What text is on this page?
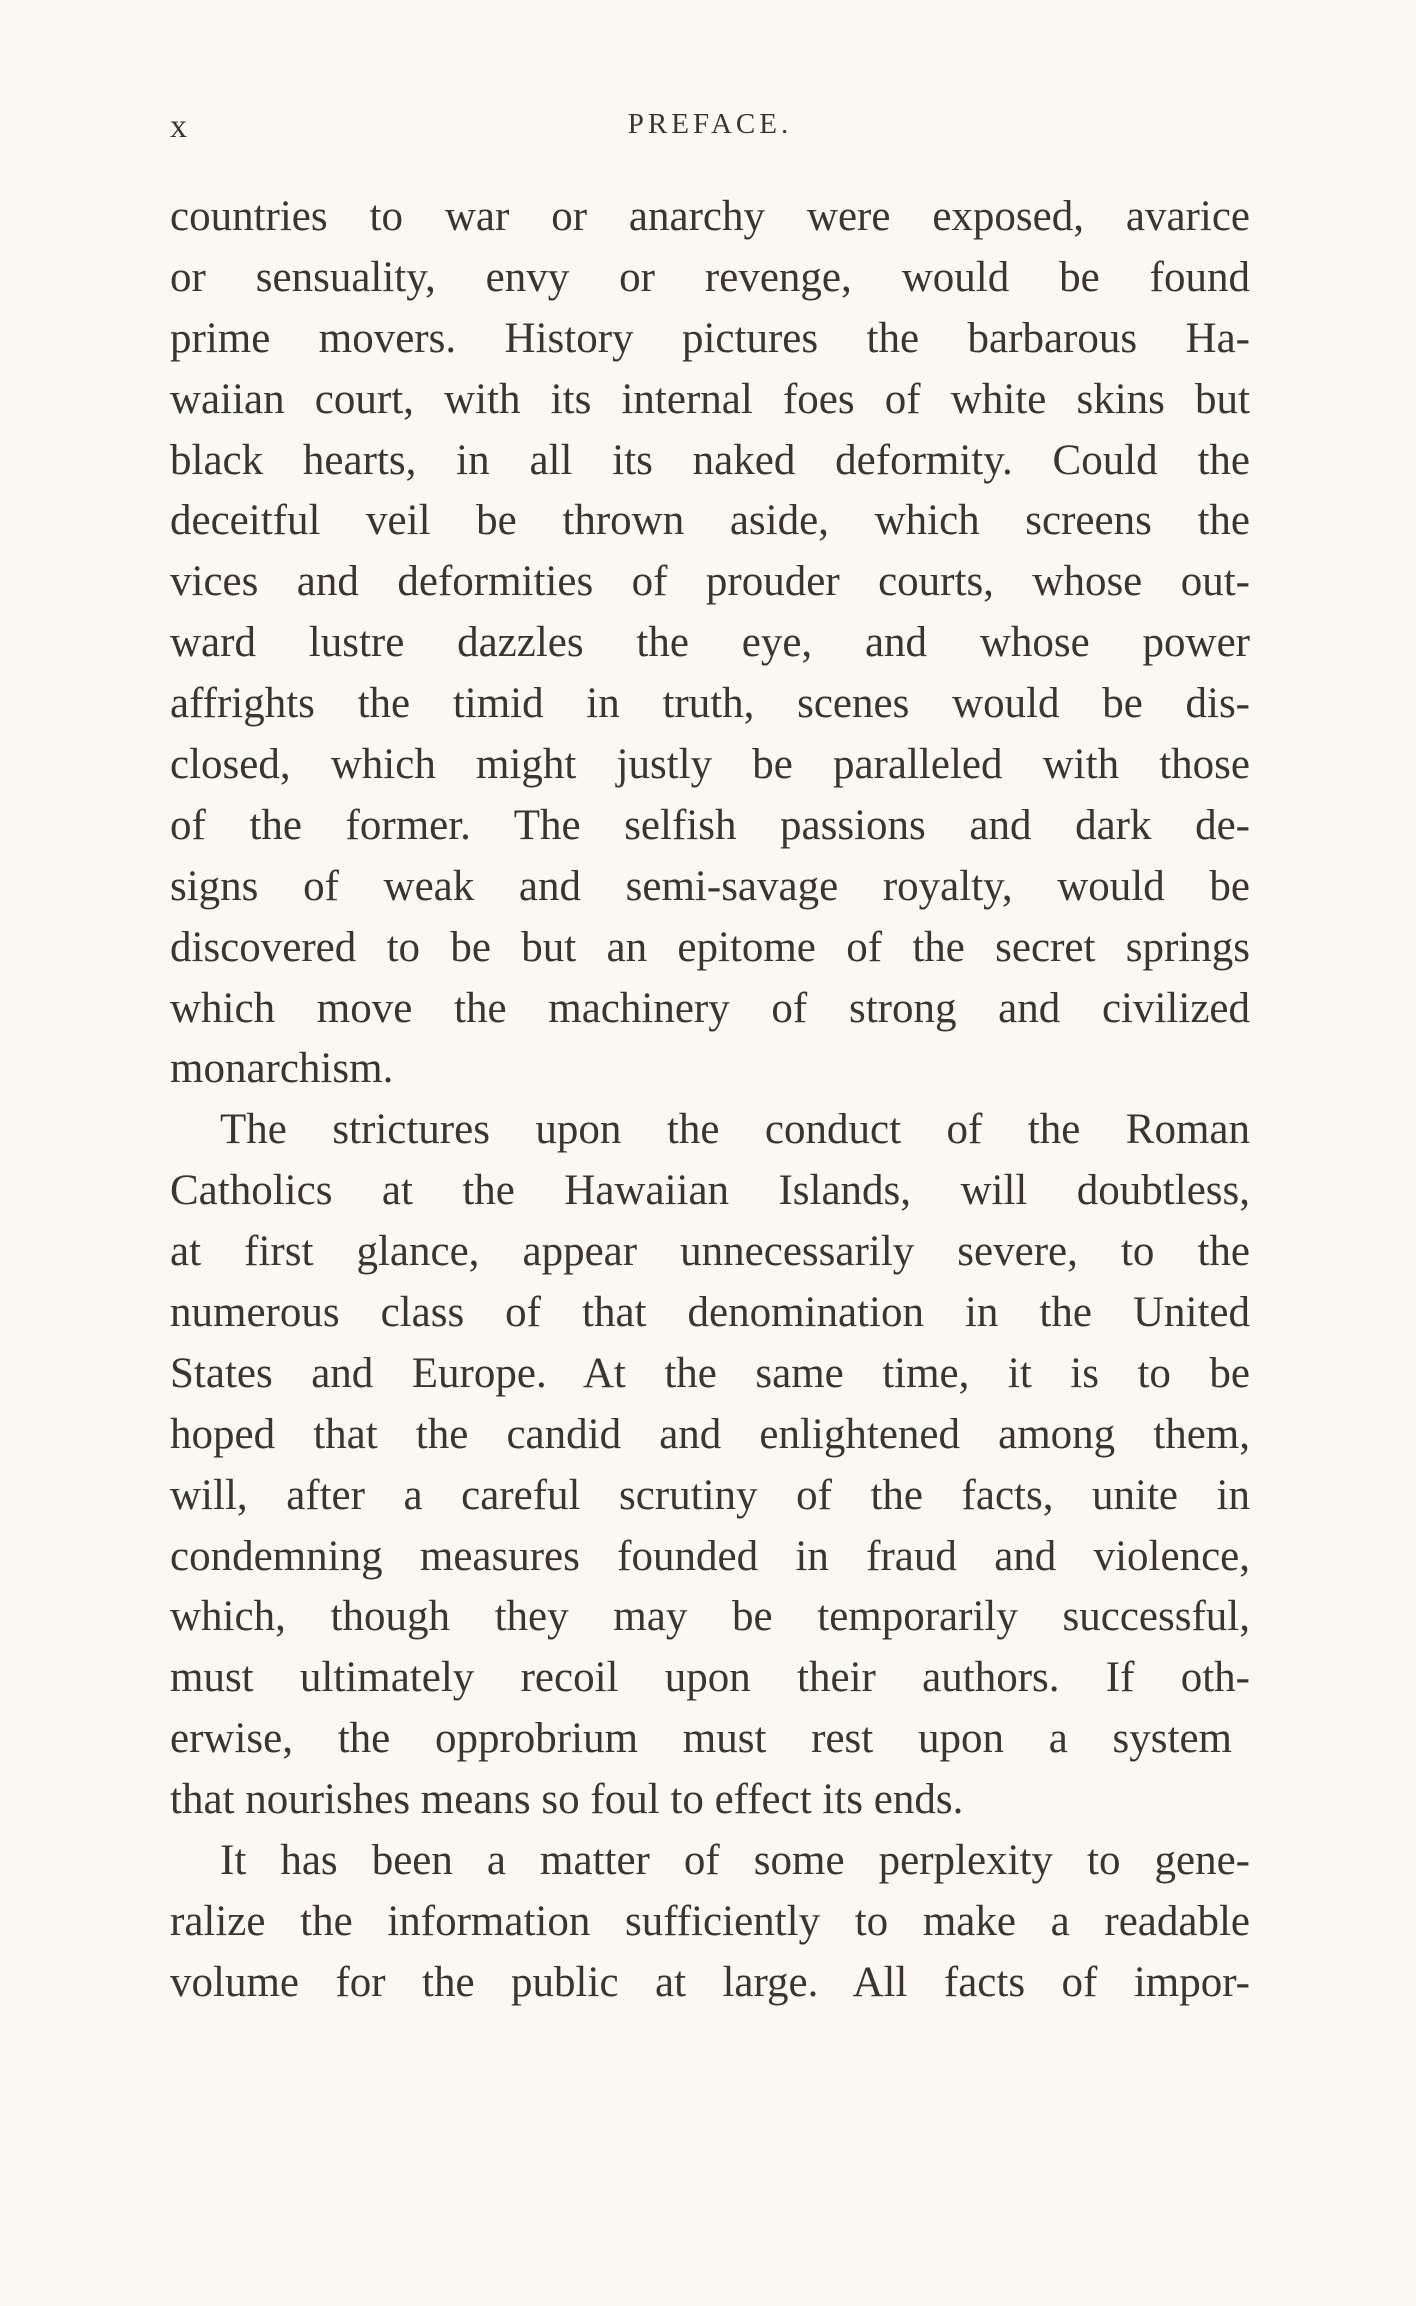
x	PREFACE.
countries to war or anarchy were exposed, avarice
or sensuality, envy or revenge, would be found
prime movers. History pictures the barbarous Ha-
waiian court, with its internal foes of white skins but
black hearts, in all its naked deformity. Could the
deceitful veil be thrown aside, which screens the
vices and deformities of prouder courts, whose out-
ward lustre dazzles the eye, and whose power
affrights the timid in truth, scenes would be dis-
closed, which might justly be paralleled with those
of the former. The selfish passions and dark de-
signs of weak and semi-savage royalty, would be
discovered to be but an epitome of the secret springs
which move the machinery of strong and civilized
monarchism.
The strictures upon the conduct of the Roman
Catholics at the Hawaiian Islands, will doubtless,
at first glance, appear unnecessarily severe, to the
numerous class of that denomination in the United
States and Europe. At the same time, it is to be
hoped that the candid and enlightened among them,
will, after a careful scrutiny of the facts, unite in
condemning measures founded in fraud and violence,
which, though they may be temporarily successful,
must ultimately recoil upon their authors. If oth-
erwise, the opprobrium must rest upon a system
that nourishes means so foul to effect its ends.
It has been a matter of some perplexity to gene-
ralize the information sufficiently to make a readable
volume for the public at large. All facts of impor-
